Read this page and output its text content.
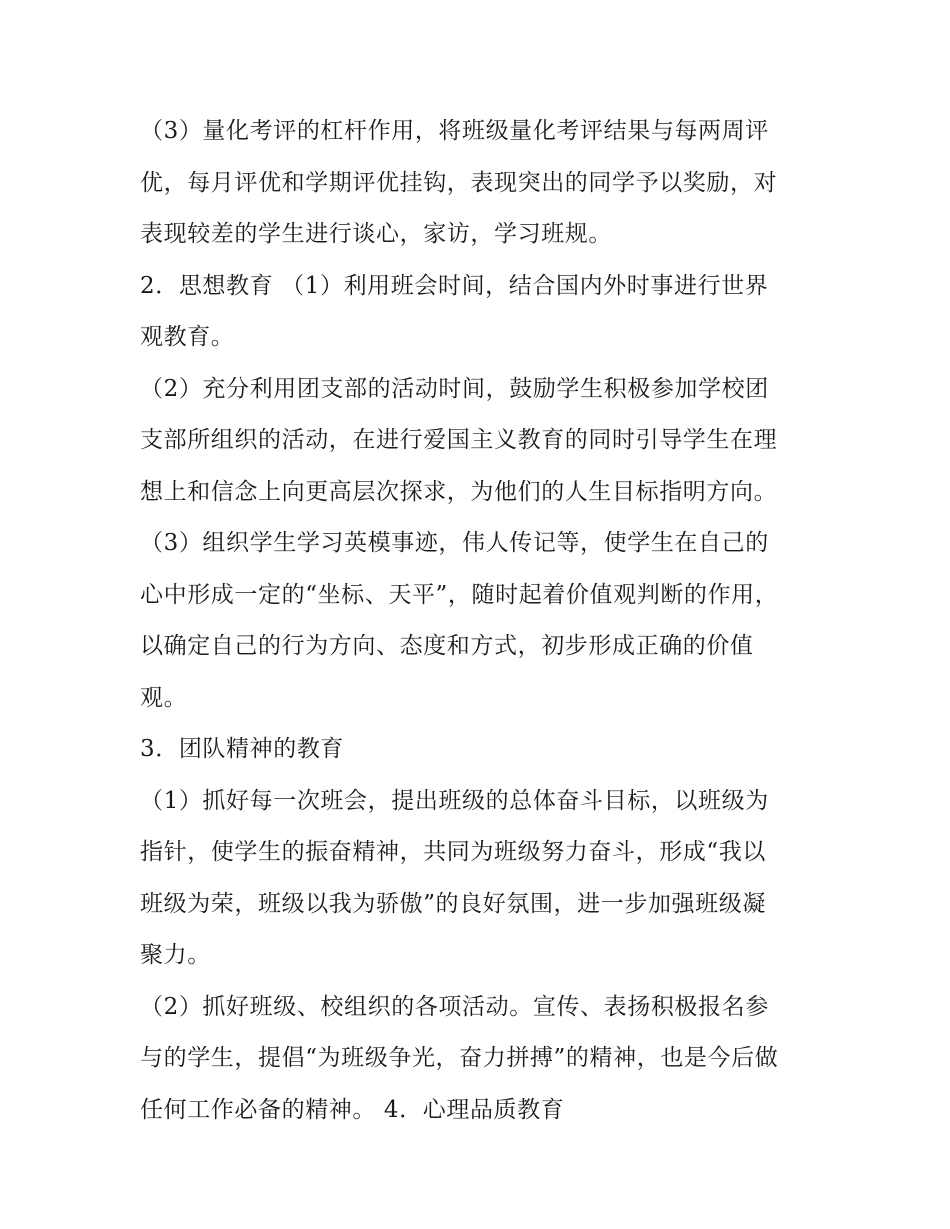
（3）量化考评的杠杆作用，将班级量化考评结果与每两周评
优，每月评优和学期评优挂钩，表现突出的同学予以奖励，对
表现较差的学生进行谈心，家访，学习班规。
2．思想教育 （1）利用班会时间，结合国内外时事进行世界
观教育。
（2）充分利用团支部的活动时间，鼓励学生积极参加学校团
支部所组织的活动，在进行爱国主义教育的同时引导学生在理
想上和信念上向更高层次探求，为他们的人生目标指明方向。
（3）组织学生学习英模事迹，伟人传记等，使学生在自己的
心中形成一定的“坐标、天平”，随时起着价值观判断的作用，
以确定自己的行为方向、态度和方式，初步形成正确的价值
观。
3．团队精神的教育
（1）抓好每一次班会，提出班级的总体奋斗目标，以班级为
指针，使学生的振奋精神，共同为班级努力奋斗，形成“我以
班级为荣，班级以我为骄傲”的良好氛围，进一步加强班级凝
聚力。
（2）抓好班级、校组织的各项活动。宣传、表扬积极报名参
与的学生，提倡“为班级争光，奋力拼搏”的精神，也是今后做
任何工作必备的精神。 4．心理品质教育
